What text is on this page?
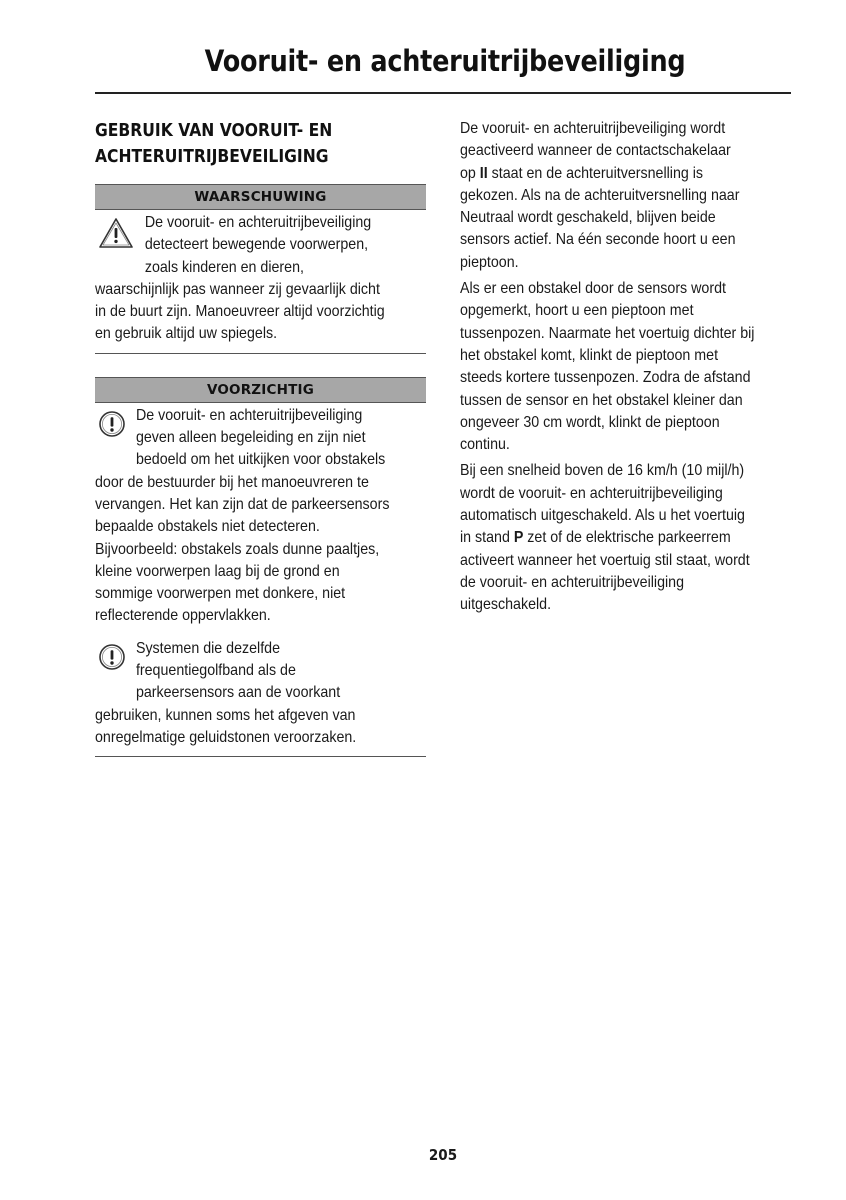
Vooruit- en achteruitrijbeveiliging
GEBRUIK VAN VOORUIT- EN
ACHTERUITRIJBEVEILIGING
WAARSCHUWING
De vooruit- en achteruitrijbeveiliging
detecteert bewegende voorwerpen,
zoals kinderen en dieren,
waarschijnlijk pas wanneer zij gevaarlijk dicht
in de buurt zijn. Manoeuvreer altijd voorzichtig
en gebruik altijd uw spiegels.
VOORZICHTIG
De vooruit- en achteruitrijbeveiliging
geven alleen begeleiding en zijn niet
bedoeld om het uitkijken voor obstakels
door de bestuurder bij het manoeuvreren te
vervangen. Het kan zijn dat de parkeersensors
bepaalde obstakels niet detecteren.
Bijvoorbeeld: obstakels zoals dunne paaltjes,
kleine voorwerpen laag bij de grond en
sommige voorwerpen met donkere, niet
reflecterende oppervlakken.
Systemen die dezelfde
frequentiegolfband als de
parkeersensors aan de voorkant
gebruiken, kunnen soms het afgeven van
onregelmatige geluidstonen veroorzaken.
De vooruit- en achteruitrijbeveiliging wordt
geactiveerd wanneer de contactschakelaar
op II staat en de achteruitversnelling is
gekozen. Als na de achteruitversnelling naar
Neutraal wordt geschakeld, blijven beide
sensors actief. Na één seconde hoort u een
pieptoon.
Als er een obstakel door de sensors wordt
opgemerkt, hoort u een pieptoon met
tussenpozen. Naarmate het voertuig dichter bij
het obstakel komt, klinkt de pieptoon met
steeds kortere tussenpozen. Zodra de afstand
tussen de sensor en het obstakel kleiner dan
ongeveer 30 cm wordt, klinkt de pieptoon
continu.
Bij een snelheid boven de 16 km/h (10 mijl/h)
wordt de vooruit- en achteruitrijbeveiliging
automatisch uitgeschakeld. Als u het voertuig
in stand P zet of de elektrische parkeerrem
activeert wanneer het voertuig stil staat, wordt
de vooruit- en achteruitrijbeveiliging
uitgeschakeld.
205
